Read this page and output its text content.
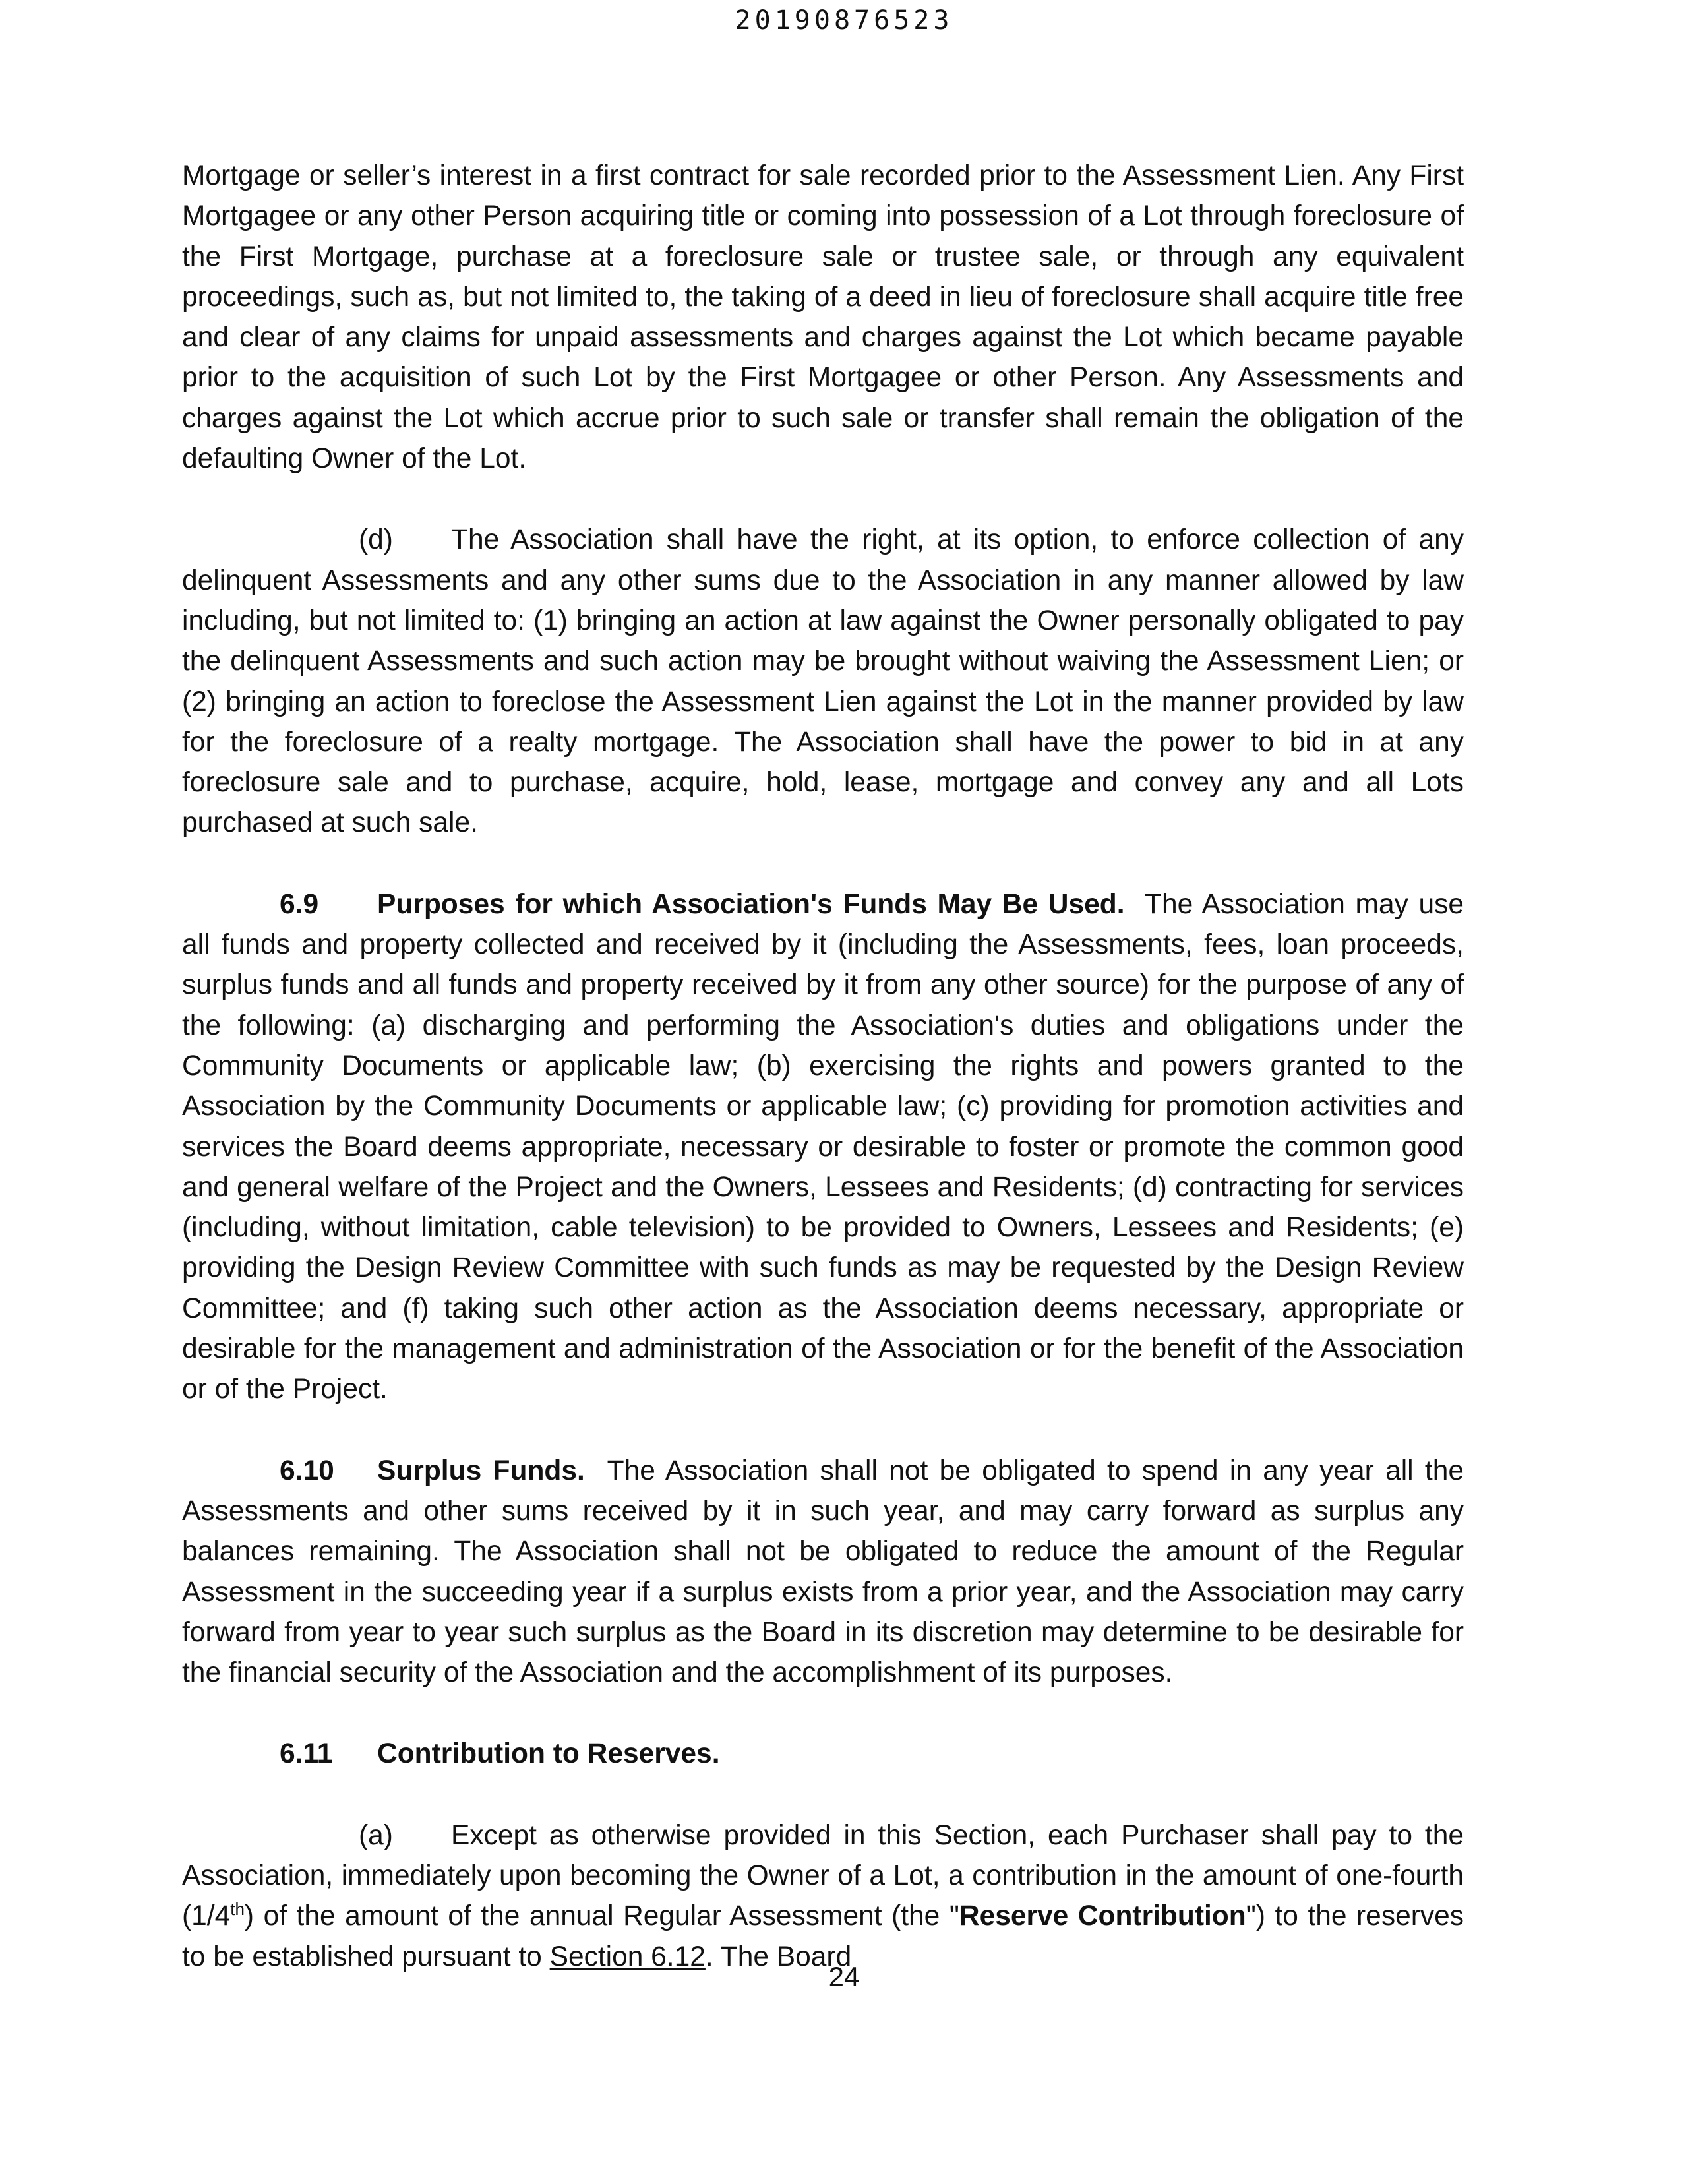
20190876523

Mortgage or seller’s interest in a first contract for sale recorded prior to the Assessment Lien. Any First Mortgagee or any other Person acquiring title or coming into possession of a Lot through foreclosure of the First Mortgage, purchase at a foreclosure sale or trustee sale, or through any equivalent proceedings, such as, but not limited to, the taking of a deed in lieu of foreclosure shall acquire title free and clear of any claims for unpaid assessments and charges against the Lot which became payable prior to the acquisition of such Lot by the First Mortgagee or other Person. Any Assessments and charges against the Lot which accrue prior to such sale or transfer shall remain the obligation of the defaulting Owner of the Lot.

(d) The Association shall have the right, at its option, to enforce collection of any delinquent Assessments and any other sums due to the Association in any manner allowed by law including, but not limited to: (1) bringing an action at law against the Owner personally obligated to pay the delinquent Assessments and such action may be brought without waiving the Assessment Lien; or (2) bringing an action to foreclose the Assessment Lien against the Lot in the manner provided by law for the foreclosure of a realty mortgage. The Association shall have the power to bid in at any foreclosure sale and to purchase, acquire, hold, lease, mortgage and convey any and all Lots purchased at such sale.

6.9 Purposes for which Association's Funds May Be Used. The Association may use all funds and property collected and received by it (including the Assessments, fees, loan proceeds, surplus funds and all funds and property received by it from any other source) for the purpose of any of the following: (a) discharging and performing the Association's duties and obligations under the Community Documents or applicable law; (b) exercising the rights and powers granted to the Association by the Community Documents or applicable law; (c) providing for promotion activities and services the Board deems appropriate, necessary or desirable to foster or promote the common good and general welfare of the Project and the Owners, Lessees and Residents; (d) contracting for services (including, without limitation, cable television) to be provided to Owners, Lessees and Residents; (e) providing the Design Review Committee with such funds as may be requested by the Design Review Committee; and (f) taking such other action as the Association deems necessary, appropriate or desirable for the management and administration of the Association or for the benefit of the Association or of the Project.

6.10 Surplus Funds. The Association shall not be obligated to spend in any year all the Assessments and other sums received by it in such year, and may carry forward as surplus any balances remaining. The Association shall not be obligated to reduce the amount of the Regular Assessment in the succeeding year if a surplus exists from a prior year, and the Association may carry forward from year to year such surplus as the Board in its discretion may determine to be desirable for the financial security of the Association and the accomplishment of its purposes.

6.11 Contribution to Reserves.

(a) Except as otherwise provided in this Section, each Purchaser shall pay to the Association, immediately upon becoming the Owner of a Lot, a contribution in the amount of one-fourth (1/4th) of the amount of the annual Regular Assessment (the "Reserve Contribution") to the reserves to be established pursuant to Section 6.12. The Board

24
